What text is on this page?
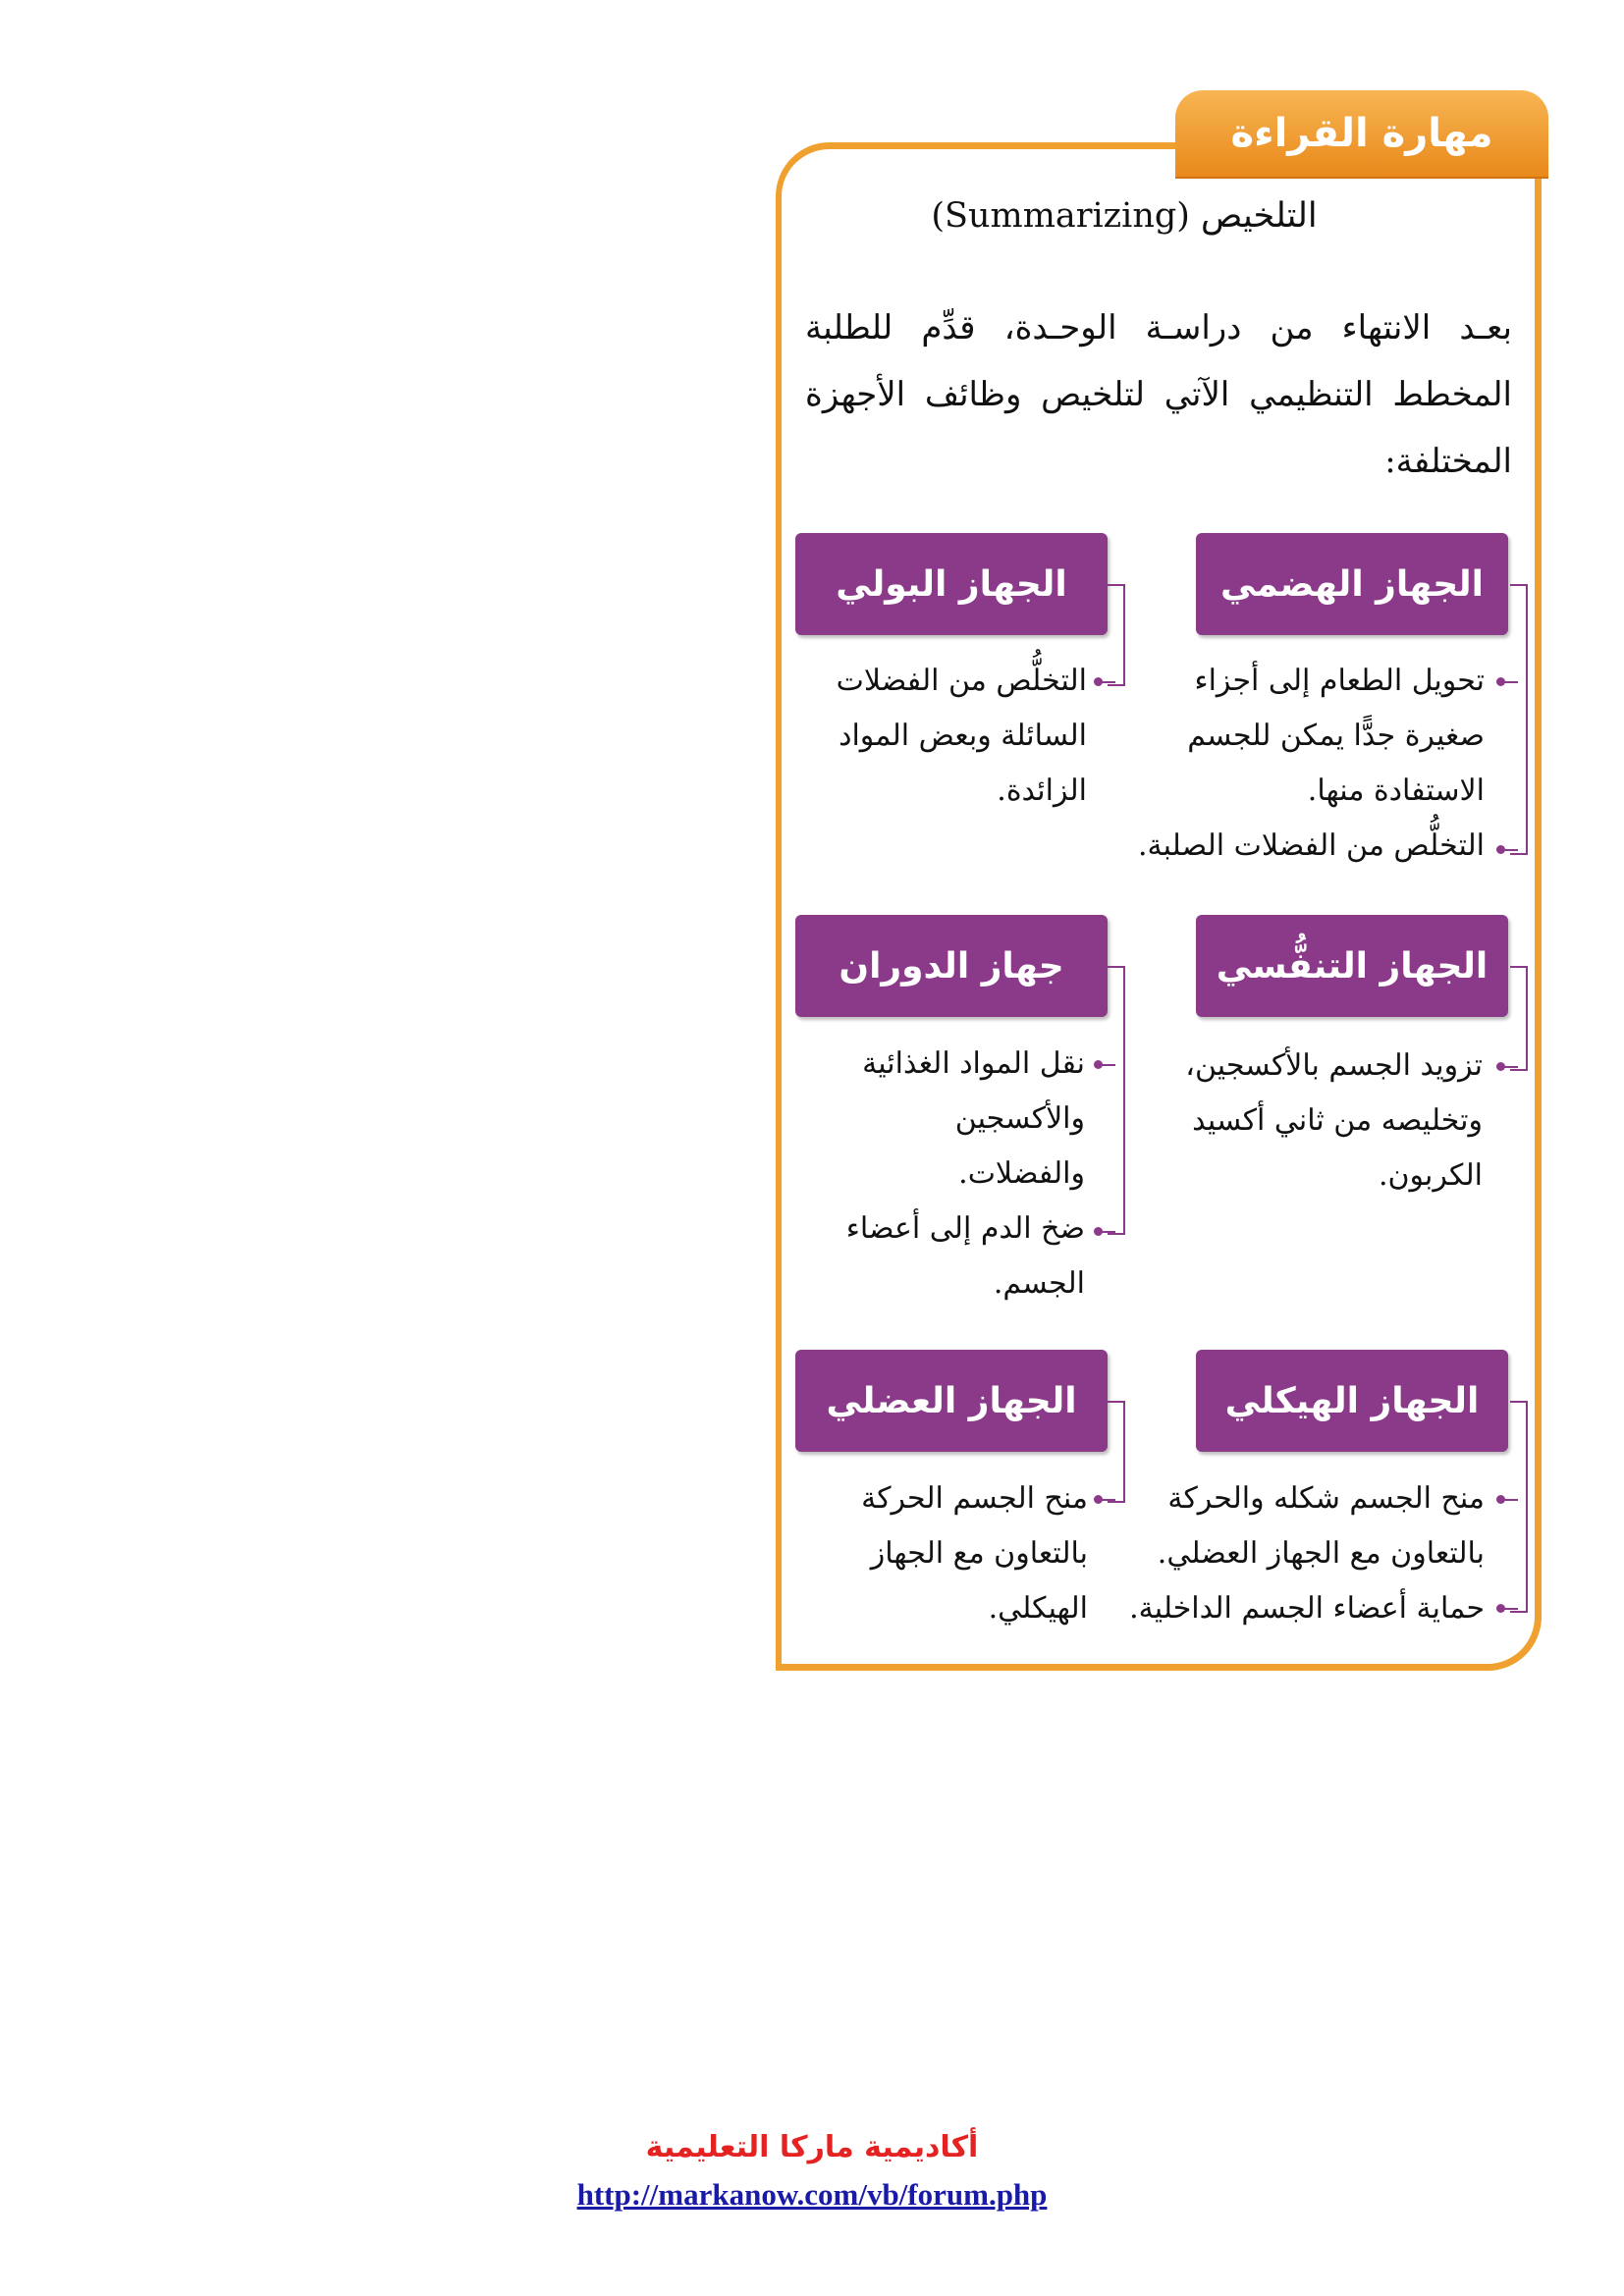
مهارة القراءة
التلخيص (Summarizing)
بعـد الانتهاء من دراسـة الوحـدة، قدِّم للطلبة المخطط التنظيمي الآتي لتلخيص وظائف الأجهزة المختلفة:
الجهاز الهضمي
تحويل الطعام إلى أجزاء صغيرة جدًّا يمكن للجسم الاستفادة منها.
التخلُّص من الفضلات الصلبة.
الجهاز البولي
التخلُّص من الفضلات السائلة وبعض المواد الزائدة.
الجهاز التنفُّسي
تزويد الجسم بالأكسجين، وتخليصه من ثاني أكسيد الكربون.
جهاز الدوران
نقل المواد الغذائية والأكسجين والفضلات.
ضخ الدم إلى أعضاء الجسم.
الجهاز الهيكلي
منح الجسم شكله والحركة بالتعاون مع الجهاز العضلي.
حماية أعضاء الجسم الداخلية.
الجهاز العضلي
منح الجسم الحركة بالتعاون مع الجهاز الهيكلي.
أكاديمية ماركا التعليمية
http://markanow.com/vb/forum.php
